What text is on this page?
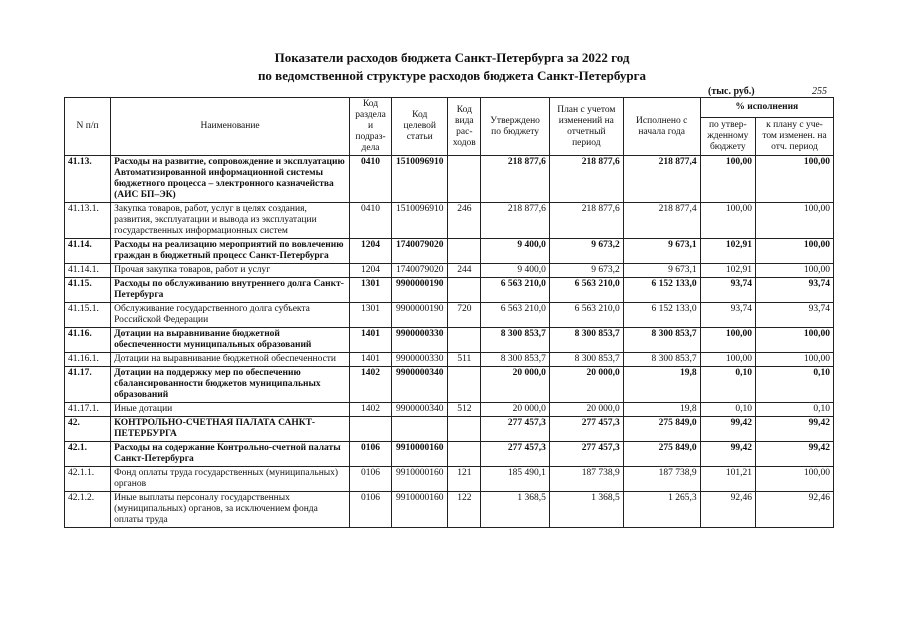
Показатели расходов бюджета Санкт-Петербурга за 2022 год
по ведомственной структуре расходов бюджета Санкт-Петербурга
(тыс. руб.)	255
N п/п	Наименование	Код раздела и подраз-дела	Код целевой статьи	Код вида рас-ходов	Утверждено по бюджету	План с учетом изменений на отчетный период	Исполнено с начала года	% исполнения	
								по утвер-жденному бюджету	к плану с уче-том изменен. на отч. период
41.13.	Расходы на развитие, сопровождение и эксплуатацию Автоматизированной информационной системы бюджетного процесса – электронного казначейства (АИС БП–ЭК)	0410	1510096910		218 877,6	218 877,6	218 877,4	100,00	100,00
41.13.1.	Закупка товаров, работ, услуг в целях создания, развития, эксплуатации и вывода из эксплуатации государственных информационных систем	0410	1510096910	246	218 877,6	218 877,6	218 877,4	100,00	100,00
41.14.	Расходы на реализацию мероприятий по вовлечению граждан в бюджетный процесс Санкт-Петербурга	1204	1740079020		9 400,0	9 673,2	9 673,1	102,91	100,00
41.14.1.	Прочая закупка товаров, работ и услуг	1204	1740079020	244	9 400,0	9 673,2	9 673,1	102,91	100,00
41.15.	Расходы по обслуживанию внутреннего долга Санкт-Петербурга	1301	9900000190		6 563 210,0	6 563 210,0	6 152 133,0	93,74	93,74
41.15.1.	Обслуживание государственного долга субъекта Российской Федерации	1301	9900000190	720	6 563 210,0	6 563 210,0	6 152 133,0	93,74	93,74
41.16.	Дотации на выравнивание бюджетной обеспеченности муниципальных образований	1401	9900000330		8 300 853,7	8 300 853,7	8 300 853,7	100,00	100,00
41.16.1.	Дотации на выравнивание бюджетной обеспеченности	1401	9900000330	511	8 300 853,7	8 300 853,7	8 300 853,7	100,00	100,00
41.17.	Дотации на поддержку мер по обеспечению сбалансированности бюджетов муниципальных образований	1402	9900000340		20 000,0	20 000,0	19,8	0,10	0,10
41.17.1.	Иные дотации	1402	9900000340	512	20 000,0	20 000,0	19,8	0,10	0,10
42.	КОНТРОЛЬНО-СЧЕТНАЯ ПАЛАТА САНКТ-ПЕТЕРБУРГА				277 457,3	277 457,3	275 849,0	99,42	99,42
42.1.	Расходы на содержание Контрольно-счетной палаты Санкт-Петербурга	0106	9910000160		277 457,3	277 457,3	275 849,0	99,42	99,42
42.1.1.	Фонд оплаты труда государственных (муниципальных) органов	0106	9910000160	121	185 490,1	187 738,9	187 738,9	101,21	100,00
42.1.2.	Иные выплаты персоналу государственных (муниципальных) органов, за исключением фонда оплаты труда	0106	9910000160	122	1 368,5	1 368,5	1 265,3	92,46	92,46
